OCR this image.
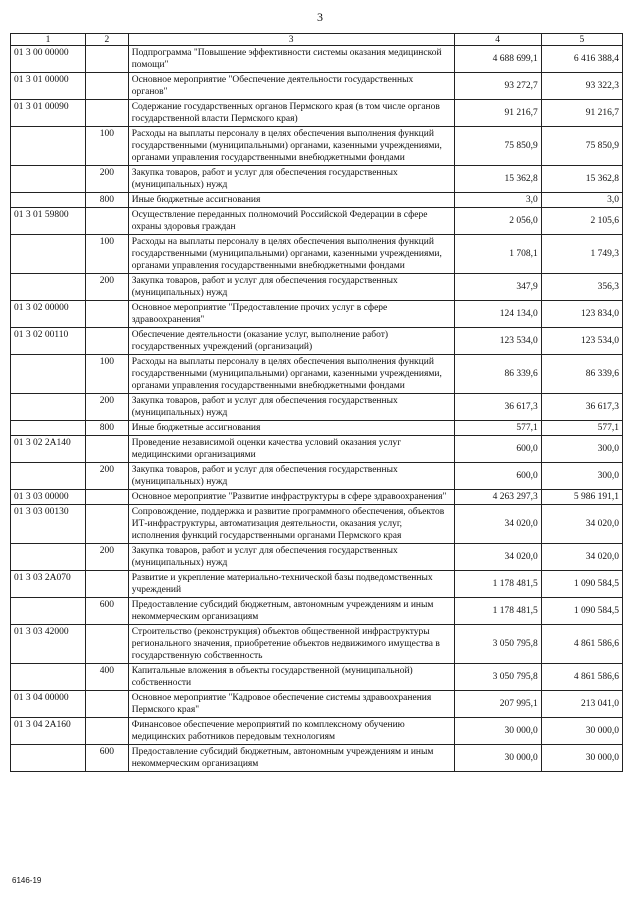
3
1	2	3	4	5
01 3 00 00000		Подпрограмма "Повышение эффективности системы оказания медицинской помощи"	4 688 699,1	6 416 388,4
01 3 01 00000		Основное мероприятие "Обеспечение деятельности государственных органов"	93 272,7	93 322,3
01 3 01 00090		Содержание государственных органов Пермского края (в том числе органов государственной власти Пермского края)	91 216,7	91 216,7
	100	Расходы на выплаты персоналу в целях обеспечения выполнения функций государственными (муниципальными) органами, казенными учреждениями, органами управления государственными внебюджетными фондами	75 850,9	75 850,9
	200	Закупка товаров, работ и услуг для обеспечения государственных (муниципальных) нужд	15 362,8	15 362,8
	800	Иные бюджетные ассигнования	3,0	3,0
01 3 01 59800		Осуществление переданных полномочий Российской Федерации в сфере охраны здоровья граждан	2 056,0	2 105,6
	100	Расходы на выплаты персоналу в целях обеспечения выполнения функций государственными (муниципальными) органами, казенными учреждениями, органами управления государственными внебюджетными фондами	1 708,1	1 749,3
	200	Закупка товаров, работ и услуг для обеспечения государственных (муниципальных) нужд	347,9	356,3
01 3 02 00000		Основное мероприятие "Предоставление прочих услуг в сфере здравоохранения"	124 134,0	123 834,0
01 3 02 00110		Обеспечение деятельности (оказание услуг, выполнение работ) государственных учреждений (организаций)	123 534,0	123 534,0
	100	Расходы на выплаты персоналу в целях обеспечения выполнения функций государственными (муниципальными) органами, казенными учреждениями, органами управления государственными внебюджетными фондами	86 339,6	86 339,6
	200	Закупка товаров, работ и услуг для обеспечения государственных (муниципальных) нужд	36 617,3	36 617,3
	800	Иные бюджетные ассигнования	577,1	577,1
01 3 02 2А140		Проведение независимой оценки качества условий оказания услуг медицинскими организациями	600,0	300,0
	200	Закупка товаров, работ и услуг для обеспечения государственных (муниципальных) нужд	600,0	300,0
01 3 03 00000		Основное мероприятие "Развитие инфраструктуры в сфере здравоохранения"	4 263 297,3	5 986 191,1
01 3 03 00130		Сопровождение, поддержка и развитие программного обеспечения, объектов ИТ-инфраструктуры, автоматизация деятельности, оказания услуг, исполнения функций государственными органами Пермского края	34 020,0	34 020,0
	200	Закупка товаров, работ и услуг для обеспечения государственных (муниципальных) нужд	34 020,0	34 020,0
01 3 03 2А070		Развитие и укрепление материально-технической базы подведомственных учреждений	1 178 481,5	1 090 584,5
	600	Предоставление субсидий бюджетным, автономным учреждениям и иным некоммерческим организациям	1 178 481,5	1 090 584,5
01 3 03 42000		Строительство (реконструкция) объектов общественной инфраструктуры регионального значения, приобретение объектов недвижимого имущества в государственную собственность	3 050 795,8	4 861 586,6
	400	Капитальные вложения в объекты государственной (муниципальной) собственности	3 050 795,8	4 861 586,6
01 3 04 00000		Основное мероприятие "Кадровое обеспечение системы здравоохранения Пермского края"	207 995,1	213 041,0
01 3 04 2А160		Финансовое обеспечение мероприятий по комплексному обучению медицинских работников передовым технологиям	30 000,0	30 000,0
	600	Предоставление субсидий бюджетным, автономным учреждениям и иным некоммерческим организациям	30 000,0	30 000,0
6146-19
